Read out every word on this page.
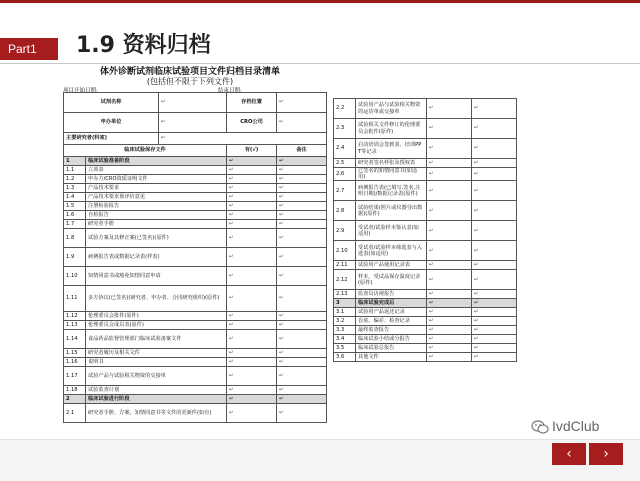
Part1	1.9 资料归档
体外诊断试剂临床试验项目文件归档目录清单
(包括但不限于下列文件)
项目开始日期:	结束日期:
试剂名称		↵	存档位置	↵
申办单位		↵	CRO公司	↵
主要研究者(科室)		↵		
临床试验保存文件			有(√)	备注
1	临床试验准备阶段		↵	↵
1.1	立项表		↵	↵
1.2	申办方/CRO资质证明文件		↵	↵
1.3	产品技术要求		↵	↵
1.4	产品技术要求预评价意见		↵	↵
1.5	注册检验报告		↵	↵
1.6	自检报告		↵	↵
1.7	研究者手册		↵	↵
1.8	试验方案及其修正案(已签名)(原件)		↵	↵
1.9	病例报告表或数据记录表(样表)		↵	↵
1.10	知情同意书或豁免知情同意申请		↵	↵
1.11	多方协议(已签名)(研究者、申办者、合同研究组织)(原件)		↵	↵
1.12	伦理委员会批件(原件)		↵	↵
1.13	伦理委员会成员表(原件)		↵	↵
1.14	食品药品监督管理部门临床试验备案文件		↵	↵
1.15	研究者履历及相关文件		↵	↵
1.16	说明书		↵	↵
1.17	试验产品与试验相关物资的交接单		↵	↵
1.18	试验监查计划		↵	↵
2	临床试验进行阶段		↵	↵
2.1	研究者手册、方案、知情同意书等文件的更新件(如有)		↵	↵
2.2	试验用产品与试验相关物资的运货单或交接单	↵	↵
2.3	试验相关文件修订的伦理委员会批件(原件)	↵	↵
2.4	启动培训会签到表、培训PPT等记录	↵	↵
2.5	研究者签名样张及授权表	↵	↵
2.6	已签名的知情同意书(如适用)	↵	↵
2.7	病例报告表(已填写,签名,注明日期)/数据记录表(原件)	↵	↵
2.8	试验结果(照片或仪器导出数据)(原件)	↵	↵
2.9	受试者/试验样本鉴认表(如适用)	↵	↵
2.10	受试者/试验样本筛选表与入选表(如适用)	↵	↵
2.11	试验用产品使用记录表	↵	↵
2.12	样本、受试品保存温度记录(原件)	↵	↵
2.13	监查员访视报告	↵	↵
3	临床试验完成后	↵	↵
3.1	试验用产品返还记录	↵	↵
3.2	盲底、偏差、检查记录	↵	↵
3.3	最终监查报告	↵	↵
3.4	临床试验小结或分报告	↵	↵
3.5	临床试验总报告	↵	↵
3.6	其他文件	↵	↵
IvdClub
‹	›
